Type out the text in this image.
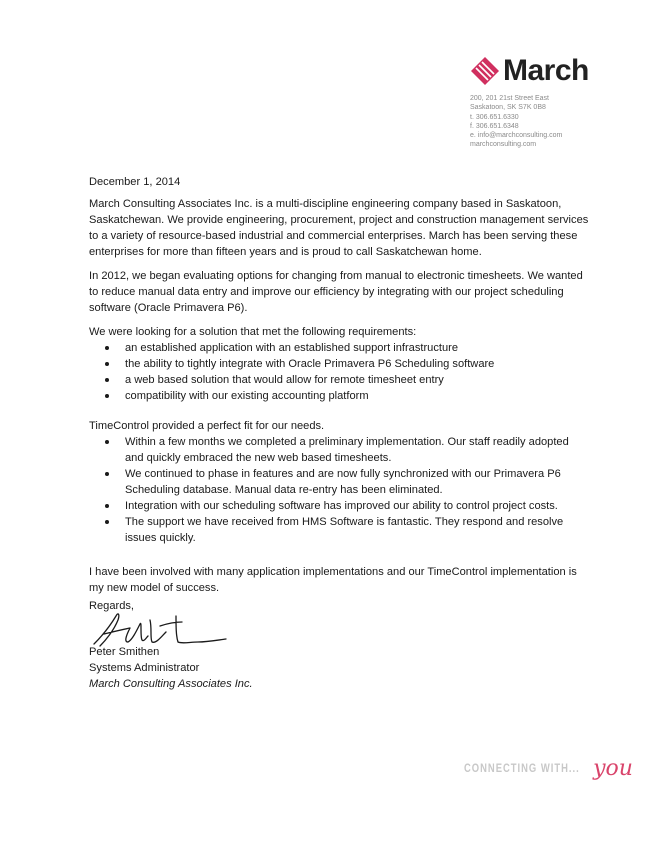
March
200, 201 21st Street East
Saskatoon, SK S7K 0B8
t. 306.651.6330
f. 306.651.6348
e. info@marchconsulting.com
marchconsulting.com
December 1, 2014

March Consulting Associates Inc. is a multi-discipline engineering company based in Saskatoon, Saskatchewan. We provide engineering, procurement, project and construction management services to a variety of resource-based industrial and commercial enterprises. March has been serving these enterprises for more than fifteen years and is proud to call Saskatchewan home.

In 2012, we began evaluating options for changing from manual to electronic timesheets. We wanted to reduce manual data entry and improve our efficiency by integrating with our project scheduling software (Oracle Primavera P6).

We were looking for a solution that met the following requirements:

an established application with an established support infrastructure
the ability to tightly integrate with Oracle Primavera P6 Scheduling software
a web based solution that would allow for remote timesheet entry
compatibility with our existing accounting platform

TimeControl provided a perfect fit for our needs.

Within a few months we completed a preliminary implementation. Our staff readily adopted and quickly embraced the new web based timesheets.
We continued to phase in features and are now fully synchronized with our Primavera P6 Scheduling database. Manual data re-entry has been eliminated.
Integration with our scheduling software has improved our ability to control project costs.
The support we have received from HMS Software is fantastic. They respond and resolve issues quickly.

I have been involved with many application implementations and our TimeControl implementation is my new model of success.

Regards,
Peter Smithen
Systems Administrator
March Consulting Associates Inc.
CONNECTING WITH... you
